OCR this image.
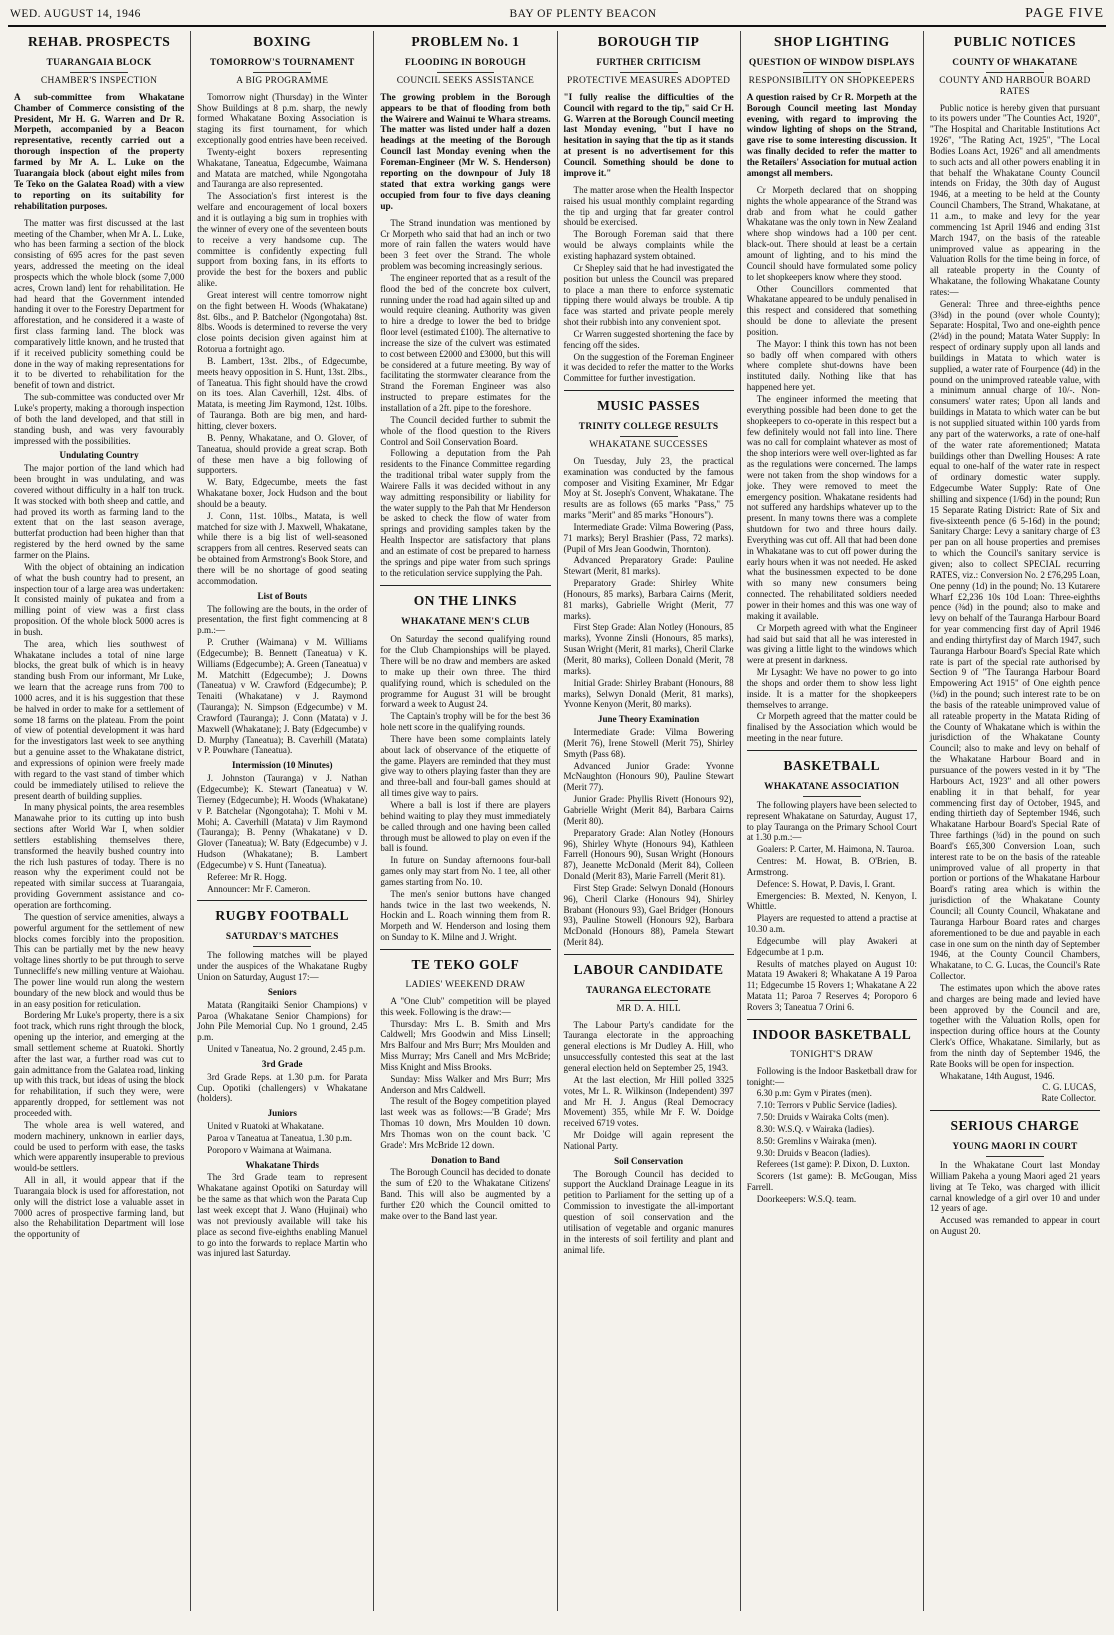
WED. AUGUST 14, 1946	BAY OF PLENTY BEACON	PAGE FIVE
REHAB. PROSPECTS
TUARANGAIA BLOCK
CHAMBER'S INSPECTION
A sub-committee from Whakatane Chamber of Commerce consisting of the President, Mr H. G. Warren and Dr R. Morpeth, accompanied by a Beacon representative, recently carried out a thorough inspection of the property farmed by Mr A. L. Luke on the Tuarangaia block (about eight miles from Te Teko on the Galatea Road) with a view to reporting on its suitability for rehabilitation purposes.

The matter was first discussed at the last meeting of the Chamber, when Mr A. L. Luke, who has been farming a section of the block consisting of 695 acres for the past seven years, addressed the meeting on the ideal prospects which the whole block (some 7,000 acres, Crown land) lent for rehabilitation. He had heard that the Government intended handing it over to the Forestry Department for afforestation, and he considered it a waste of first class farming land. The block was comparatively little known, and he trusted that if it received publicity something could be done in the way of making representations for it to be diverted to rehabilitation for the benefit of town and district.

The sub-committee was conducted over Mr Luke's property, making a thorough inspection of both the land developed, and that still in standing bush, and was very favourably impressed with the possibilities.

Undulating Country

The major portion of the land which had been brought in was undulating, and was covered without difficulty in a half ton truck. It was stocked with both sheep and cattle, and had proved its worth as farming land to the extent that on the last season average, butterfat production had been higher than that registered by the herd owned by the same farmer on the Plains.

With the object of obtaining an indication of what the bush country had to present, an inspection tour of a large area was undertaken: It consisted mainly of pukatea and from a milling point of view was a first class proposition. Of the whole block 5000 acres is in bush.

The area, which lies southwest of Whakatane includes a total of nine large blocks, the great bulk of which is in heavy standing bush From our informant, Mr Luke, we learn that the acreage runs from 700 to 1000 acres, and it is his suggestion that these be halved in order to make for a settlement of some 18 farms on the plateau. From the point of view of potential development it was hard for the investigators last week to see anything but a genuine asset to the Whakatane district, and expressions of opinion were freely made with regard to the vast stand of timber which could be immediately utilised to relieve the present dearth of building supplies.

In many physical points, the area resembles Manawahe prior to its cutting up into bush sections after World War I, when soldier settlers establishing themselves there, transformed the heavily bushed country into the rich lush pastures of today. There is no reason why the experiment could not be repeated with similar success at Tuarangaia, providing Government assistance and co-operation are forthcoming.

The question of service amenities, always a powerful argument for the settlement of new blocks comes forcibly into the proposition. This can be partially met by the new heavy voltage lines shortly to be put through to serve Tunnecliffe's new milling venture at Waiohau. The power line would run along the western boundary of the new block and would thus be in an easy position for reticulation.

Bordering Mr Luke's property, there is a six foot track, which runs right through the block, opening up the interior, and emerging at the small settlement scheme at Ruatoki. Shortly after the last war, a further road was cut to gain admittance from the Galatea road, linking up with this track, but ideas of using the block for rehabilitation, if such they were, were apparently dropped, for settlement was not proceeded with.

The whole area is well watered, and modern machinery, unknown in earlier days, could be used to perform with ease, the tasks which were apparently insuperable to previous would-be settlers.

All in all, it would appear that if the Tuarangaia block is used for afforestation, not only will the district lose a valuable asset in 7000 acres of prospective farming land, but also the Rehabilitation Department will lose the opportunity of

BOXING
TOMORROW'S TOURNAMENT
A BIG PROGRAMME

Tomorrow night (Thursday) in the Winter Show Buildings at 8 p.m. sharp, the newly formed Whakatane Boxing Association is staging its first tournament, for which exceptionally good entries have been received.

Twenty-eight boxers representing Whakatane, Taneatua, Edgecumbe, Waimana and Matata are matched, while Ngongotaha and Tauranga are also represented.

The Association's first interest is the welfare and encouragement of local boxers and it is outlaying a big sum in trophies with the winner of every one of the seventeen bouts to receive a very handsome cup. The committee is confidently expecting full support from boxing fans, in its efforts to provide the best for the boxers and public alike.

Great interest will centre tomorrow night on the fight between H. Woods (Whakatane) 8st. 6lbs., and P. Batchelor (Ngongotaha) 8st. 8lbs. Woods is determined to reverse the very close points decision given against him at Rotorua a fortnight ago.

B. Lambert, 13st. 2lbs., of Edgecumbe, meets heavy opposition in S. Hunt, 13st. 2lbs., of Taneatua. This fight should have the crowd on its toes. Alan Caverhill, 12st. 4lbs. of Matata, is meeting Jim Raymond, 12st. 10lbs. of Tauranga. Both are big men, and hard-hitting, clever boxers.

B. Penny, Whakatane, and O. Glover, of Taneatua, should provide a great scrap. Both of these men have a big following of supporters.

W. Baty, Edgecumbe, meets the fast Whakatane boxer, Jock Hudson and the bout should be a beauty.

J. Conn, 11st. 10lbs., Matata, is well matched for size with J. Maxwell, Whakatane, while there is a big list of well-seasoned scrappers from all centres. Reserved seats can be obtained from Armstrong's Book Store, and there will be no shortage of good seating accommodation.

List of Bouts

The following are the bouts, in the order of presentation, the first fight commencing at 8 p.m.:—

P. Cruther (Waimana) v M. Williams (Edgecumbe); B. Bennett (Taneatua) v K. Williams (Edgecumbe); A. Green (Taneatua) v M. Matchitt (Edgecumbe); J. Downs (Taneatua) v W. Crawford (Edgecumbe); P. Tenaiti (Whakatane) v J. Raymond (Tauranga); N. Simpson (Edgecumbe) v M. Crawford (Tauranga); J. Conn (Matata) v J. Maxwell (Whakatane); J. Baty (Edgecumbe) v D. Murphy (Taneatua); B. Caverhill (Matata) v P. Pouwhare (Taneatua).

Intermission (10 Minutes)

J. Johnston (Tauranga) v J. Nathan (Edgecumbe); K. Stewart (Taneatua) v W. Tierney (Edgecumbe); H. Woods (Whakatane) v P. Batchelar (Ngongotaha); T. Mohi v M. Mohi; A. Caverhill (Matata) v Jim Raymond (Tauranga); B. Penny (Whakatane) v D. Glover (Taneatua); W. Baty (Edgecumbe) v J. Hudson (Whakatane); B. Lambert (Edgecumbe) v S. Hunt (Taneatua).

Referee: Mr R. Hogg.

Announcer: Mr F. Cameron.

RUGBY FOOTBALL
SATURDAY'S MATCHES

The following matches will be played under the auspices of the Whakatane Rugby Union on Saturday, August 17:—

Seniors

Matata (Rangitaiki Senior Champions) v Paroa (Whakatane Senior Champions) for John Pile Memorial Cup. No 1 ground, 2.45 p.m.

United v Taneatua, No. 2 ground, 2.45 p.m.

3rd Grade

3rd Grade Reps. at 1.30 p.m. for Parata Cup. Opotiki (challengers) v Whakatane (holders).

Juniors

United v Ruatoki at Whakatane.

Paroa v Taneatua at Taneatua, 1.30 p.m.

Poroporo v Waimana at Waimana.

Whakatane Thirds

The 3rd Grade team to represent Whakatane against Opotiki on Saturday will be the same as that which won the Parata Cup last week except that J. Wano (Hujinai) who was not previously available will take his place as second five-eighths enabling Manuel to go into the forwards to replace Martin who was injured last Saturday.

PROBLEM No. 1
FLOODING IN BOROUGH
COUNCIL SEEKS ASSISTANCE
The growing problem in the Borough appears to be that of flooding from both the Wairere and Wainui te Whara streams. The matter was listed under half a dozen headings at the meeting of the Borough Council last Monday evening when the Foreman-Engineer (Mr W. S. Henderson) reporting on the downpour of July 18 stated that extra working gangs were occupied from four to five days cleaning up.

The Strand inundation was mentioned by Cr Morpeth who said that had an inch or two more of rain fallen the waters would have been 3 feet over the Strand. The whole problem was becoming increasingly serious.

The engineer reported that as a result of the flood the bed of the concrete box culvert, running under the road had again silted up and would require cleaning. Authority was given to hire a dredge to lower the bed to bridge floor level (estimated £100). The alternative to increase the size of the culvert was estimated to cost between £2000 and £3000, but this will be considered at a future meeting. By way of facilitating the stormwater clearance from the Strand the Foreman Engineer was also instructed to prepare estimates for the installation of a 2ft. pipe to the foreshore.

The Council decided further to submit the whole of the flood question to the Rivers Control and Soil Conservation Board.

Following a deputation from the Pah residents to the Finance Committee regarding the traditional tribal water supply from the Wairere Falls it was decided without in any way admitting responsibility or liability for the water supply to the Pah that Mr Henderson be asked to check the flow of water from springs and providing samples taken by the Health Inspector are satisfactory that plans and an estimate of cost be prepared to harness the springs and pipe water from such springs to the reticulation service supplying the Pah.

ON THE LINKS
WHAKATANE MEN'S CLUB

On Saturday the second qualifying round for the Club Championships will be played. There will be no draw and members are asked to make up their own three. The third qualifying round, which is scheduled on the programme for August 31 will be brought forward a week to August 24.

The Captain's trophy will be for the best 36 hole nett score in the qualifying rounds.

There have been some complaints lately about lack of observance of the etiquette of the game. Players are reminded that they must give way to others playing faster than they are and three-ball and four-ball games should at all times give way to pairs.

Where a ball is lost if there are players behind waiting to play they must immediately be called through and one having been called through must be allowed to play on even if the ball is found.

In future on Sunday afternoons four-ball games only may start from No. 1 tee, all other games starting from No. 10.

The men's senior buttons have changed hands twice in the last two weekends, N. Hockin and L. Roach winning them from R. Morpeth and W. Henderson and losing them on Sunday to K. Milne and J. Wright.

TE TEKO GOLF
LADIES' WEEKEND DRAW

A "One Club" competition will be played this week. Following is the draw:—

Thursday: Mrs L. B. Smith and Mrs Caldwell; Mrs Goodwin and Miss Linsell; Mrs Balfour and Mrs Burr; Mrs Moulden and Miss Murray; Mrs Canell and Mrs McBride; Miss Knight and Miss Brooks.

Sunday: Miss Walker and Mrs Burr; Mrs Anderson and Mrs Caldwell.

The result of the Bogey competition played last week was as follows:—'B Grade'; Mrs Thomas 10 down, Mrs Moulden 10 down. Mrs Thomas won on the count back. 'C Grade': Mrs McBride 12 down.

Donation to Band

The Borough Council has decided to donate the sum of £20 to the Whakatane Citizens' Band. This will also be augmented by a further £20 which the Council omitted to make over to the Band last year.

BOROUGH TIP
FURTHER CRITICISM
PROTECTIVE MEASURES ADOPTED
"I fully realise the difficulties of the Council with regard to the tip," said Cr H. G. Warren at the Borough Council meeting last Monday evening, "but I have no hesitation in saying that the tip as it stands at present is no advertisement for this Council. Something should be done to improve it."

The matter arose when the Health Inspector raised his usual monthly complaint regarding the tip and urging that far greater control should be exercised.

The Borough Foreman said that there would be always complaints while the existing haphazard system obtained.

Cr Shepley said that he had investigated the position but unless the Council was prepared to place a man there to enforce systematic tipping there would always be trouble. A tip face was started and private people merely shot their rubbish into any convenient spot.

Cr Warren suggested shortening the face by fencing off the sides.

On the suggestion of the Foreman Engineer it was decided to refer the matter to the Works Committee for further investigation.

MUSIC PASSES
TRINITY COLLEGE RESULTS
WHAKATANE SUCCESSES

On Tuesday, July 23, the practical examination was conducted by the famous composer and Visiting Examiner, Mr Edgar Moy at St. Joseph's Convent, Whakatane. The results are as follows (65 marks "Pass," 75 marks "Merit" and 85 marks "Honours").

Intermediate Grade: Vilma Bowering (Pass, 71 marks); Beryl Brashier (Pass, 72 marks). (Pupil of Mrs Jean Goodwin, Thornton).

Advanced Preparatory Grade: Pauline Stewart (Merit, 81 marks).

Preparatory Grade: Shirley White (Honours, 85 marks), Barbara Cairns (Merit, 81 marks), Gabrielle Wright (Merit, 77 marks).

First Step Grade: Alan Notley (Honours, 85 marks), Yvonne Zinsli (Honours, 85 marks), Susan Wright (Merit, 81 marks), Cheril Clarke (Merit, 80 marks), Colleen Donald (Merit, 78 marks).

Initial Grade: Shirley Brabant (Honours, 88 marks), Selwyn Donald (Merit, 81 marks), Yvonne Kenyon (Merit, 80 marks).

June Theory Examination

Intermediate Grade: Vilma Bowering (Merit 76), Irene Stowell (Merit 75), Shirley Smyth (Pass 68).

Advanced Junior Grade: Yvonne McNaughton (Honours 90), Pauline Stewart (Merit 77).

Junior Grade: Phyllis Rivett (Honours 92), Gabrielle Wright (Merit 84), Barbara Cairns (Merit 80).

Preparatory Grade: Alan Notley (Honours 96), Shirley Whyte (Honours 94), Kathleen Farrell (Honours 90), Susan Wright (Honours 87), Jeanette McDonald (Merit 84), Colleen Donald (Merit 83), Marie Farrell (Merit 81).

First Step Grade: Selwyn Donald (Honours 96), Cheril Clarke (Honours 94), Shirley Brabant (Honours 93), Gael Bridger (Honours 93), Pauline Stowell (Honours 92), Barbara McDonald (Honours 88), Pamela Stewart (Merit 84).

LABOUR CANDIDATE
TAURANGA ELECTORATE
MR D. A. HILL

The Labour Party's candidate for the Tauranga electorate in the approaching general elections is Mr Dudley A. Hill, who unsuccessfully contested this seat at the last general election held on September 25, 1943.

At the last election, Mr Hill polled 3325 votes, Mr L. R. Wilkinson (Independent) 397 and Mr H. J. Angus (Real Democracy Movement) 355, while Mr F. W. Doidge received 6719 votes.

Mr Doidge will again represent the National Party.

Soil Conservation

The Borough Council has decided to support the Auckland Drainage League in its petition to Parliament for the setting up of a Commission to investigate the all-important question of soil conservation and the utilisation of vegetable and organic manures in the interests of soil fertility and plant and animal life.

SHOP LIGHTING
QUESTION OF WINDOW DISPLAYS
RESPONSIBILITY ON SHOPKEEPERS
A question raised by Cr R. Morpeth at the Borough Council meeting last Monday evening, with regard to improving the window lighting of shops on the Strand, gave rise to some interesting discussion. It was finally decided to refer the matter to the Retailers' Association for mutual action amongst all members.

Cr Morpeth declared that on shopping nights the whole appearance of the Strand was drab and from what he could gather Whakatane was the only town in New Zealand where shop windows had a 100 per cent. black-out. There should at least be a certain amount of lighting, and to his mind the Council should have formulated some policy to let shopkeepers know where they stood.

Other Councillors commented that Whakatane appeared to be unduly penalised in this respect and considered that something should be done to alleviate the present position.

The Mayor: I think this town has not been so badly off when compared with others where complete shut-downs have been instituted daily. Nothing like that has happened here yet.

The engineer informed the meeting that everything possible had been done to get the shopkeepers to co-operate in this respect but a few definitely would not fall into line. There was no call for complaint whatever as most of the shop interiors were well over-lighted as far as the regulations were concerned. The lamps were not taken from the shop windows for a joke. They were removed to meet the emergency position. Whakatane residents had not suffered any hardships whatever up to the present. In many towns there was a complete shutdown for two and three hours daily. Everything was cut off. All that had been done in Whakatane was to cut off power during the early hours when it was not needed. He asked what the businessmen expected to be done with so many new consumers being connected. The rehabilitated soldiers needed power in their homes and this was one way of making it available.

Cr Morpeth agreed with what the Engineer had said but said that all he was interested in was giving a little light to the windows which were at present in darkness.

Mr Lysaght: We have no power to go into the shops and order them to show less light inside. It is a matter for the shopkeepers themselves to arrange.

Cr Morpeth agreed that the matter could be finalised by the Association which would be meeting in the near future.

BASKETBALL
WHAKATANE ASSOCIATION

The following players have been selected to represent Whakatane on Saturday, August 17, to play Tauranga on the Primary School Court at 1.30 p.m.:—

Goalers: P. Carter, M. Haimona, N. Tauroa.

Centres: M. Howat, B. O'Brien, B. Armstrong.

Defence: S. Howat, P. Davis, I. Grant.

Emergencies: B. Mexted, N. Kenyon, I. Whittle.

Players are requested to attend a practise at 10.30 a.m.

Edgecumbe will play Awakeri at Edgecumbe at 1 p.m.

Results of matches played on August 10: Matata 19 Awakeri 8; Whakatane A 19 Paroa 11; Edgecumbe 15 Rovers 1; Whakatane A 22 Matata 11; Paroa 7 Reserves 4; Poroporo 6 Rovers 3; Taneatua 7 Orini 6.

INDOOR BASKETBALL
TONIGHT'S DRAW

Following is the Indoor Basketball draw for tonight:—

6.30 p.m: Gym v Pirates (men).

7.10: Terrors v Public Service (ladies).

7.50: Druids v Wairaka Colts (men).

8.30: W.S.Q. v Wairaka (ladies).

8.50: Gremlins v Wairaka (men).

9.30: Druids v Beacon (ladies).

Referees (1st game): P. Dixon, D. Luxton.

Scorers (1st game): B. McGougan, Miss Farrell.

Doorkeepers: W.S.Q. team.

PUBLIC NOTICES
COUNTY OF WHAKATANE
COUNTY AND HARBOUR BOARD RATES

Public notice is hereby given that pursuant to its powers under "The Counties Act, 1920", "The Hospital and Charitable Institutions Act 1926", "The Rating Act, 1925", "The Local Bodies Loans Act, 1926" and all amendments to such acts and all other powers enabling it in that behalf the Whakatane County Council intends on Friday, the 30th day of August 1946, at a meeting to be held at the County Council Chambers, The Strand, Whakatane, at 11 a.m., to make and levy for the year commencing 1st April 1946 and ending 31st March 1947, on the basis of the rateable unimproved value as appearing in the Valuation Rolls for the time being in force, of all rateable property in the County of Whakatane, the following Whakatane County rates:—

General: Three and three-eighths pence (3⅜d) in the pound (over whole County); Separate: Hospital, Two and one-eighth pence (2⅛d) in the pound; Matata Water Supply: In respect of ordinary supply upon all lands and buildings in Matata to which water is supplied, a water rate of Fourpence (4d) in the pound on the unimproved rateable value, with a minimum annual charge of 10/-. Non-consumers' water rates; Upon all lands and buildings in Matata to which water can be but is not supplied situated within 100 yards from any part of the waterworks, a rate of one-half of the water rate aforementioned; Matata buildings other than Dwelling Houses: A rate equal to one-half of the water rate in respect of ordinary domestic water supply. Edgecumbe Water Supply: Rate of One shilling and sixpence (1/6d) in the pound; Run 15 Separate Rating District: Rate of Six and five-sixteenth pence (6 5-16d) in the pound; Sanitary Charge: Levy a sanitary charge of £3 per pan on all house properties and premises to which the Council's sanitary service is given; also to collect SPECIAL recurring RATES, viz.: Conversion No. 2 £76,295 Loan, One penny (1d) in the pound; No. 13 Kutarere Wharf £2,236 10s 10d Loan: Three-eighths pence (⅜d) in the pound; also to make and levy on behalf of the Tauranga Harbour Board for year commencing first day of April 1946 and ending thirtyfirst day of March 1947, such Tauranga Harbour Board's Special Rate which rate is part of the special rate authorised by Section 9 of "The Tauranga Harbour Board Empowering Act 1915" of One eighth pence (⅛d) in the pound; such interest rate to be on the basis of the rateable unimproved value of all rateable property in the Matata Riding of the County of Whakatane which is within the jurisdiction of the Whakatane County Council; also to make and levy on behalf of the Whakatane Harbour Board and in pursuance of the powers vested in it by "The Harbours Act, 1923" and all other powers enabling it in that behalf, for year commencing first day of October, 1945, and ending thirtieth day of September 1946, such Whakatane Harbour Board's Special Rate of Three farthings (¾d) in the pound on such Board's £65,300 Conversion Loan, such interest rate to be on the basis of the rateable unimproved value of all property in that portion or portions of the Whakatane Harbour Board's rating area which is within the jurisdiction of the Whakatane County Council; all County Council, Whakatane and Tauranga Harbour Board rates and charges aforementioned to be due and payable in each case in one sum on the ninth day of September 1946, at the County Council Chambers, Whakatane, to C. G. Lucas, the Council's Rate Collector.

The estimates upon which the above rates and charges are being made and levied have been approved by the Council and are, together with the Valuation Rolls, open for inspection during office hours at the County Clerk's Office, Whakatane. Similarly, but as from the ninth day of September 1946, the Rate Books will be open for inspection.

Whakatane, 14th August, 1946.

C. G. LUCAS,
Rate Collector.
SERIOUS CHARGE
YOUNG MAORI IN COURT

In the Whakatane Court last Monday William Pakeha a young Maori aged 21 years living at Te Teko, was charged with illicit carnal knowledge of a girl over 10 and under 12 years of age.

Accused was remanded to appear in court on August 20.
